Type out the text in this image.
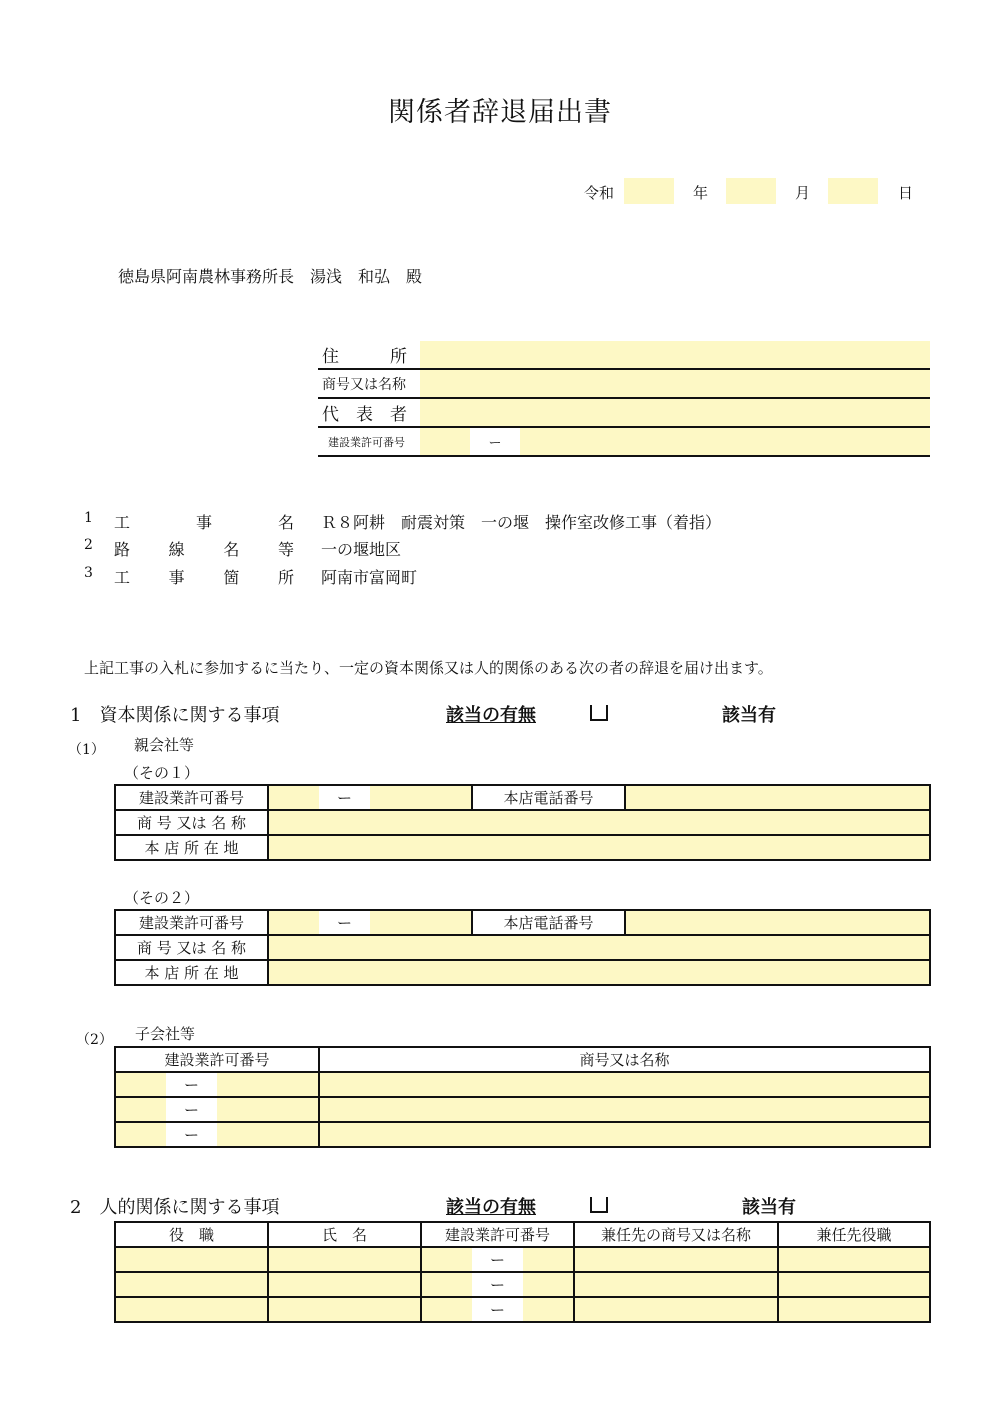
関係者辞退届出書
令和	年	月	日
徳島県阿南農林事務所長　湯浅　和弘　殿
住　　　所
商号又は名称
代　表　者
建設業許可番号	ー
1 工	事	名 Ｒ８阿耕　耐震対策　一の堰　操作室改修工事（着指）
2 路 線 名 等 一の堰地区
3 工 事 箇 所 阿南市富岡町
上記工事の入札に参加するに当たり、一定の資本関係又は人的関係のある次の者の辞退を届け出ます。
1　資本関係に関する事項	該当の有無	該当有
（1） 親会社等
（その１）
建設業許可番号		ー		本店電話番号	
商 号 又は 名 称					
本 店 所 在 地					
（その２）
建設業許可番号		ー		本店電話番号	
商 号 又は 名 称					
本 店 所 在 地					
（2） 子会社等
建設業許可番号			商号又は名称
	ー		
	ー		
	ー		
2　人的関係に関する事項	該当の有無	該当有
役　職	氏　名	建設業許可番号			兼任先の商号又は名称	兼任先役職
			ー			
			ー			
			ー			
